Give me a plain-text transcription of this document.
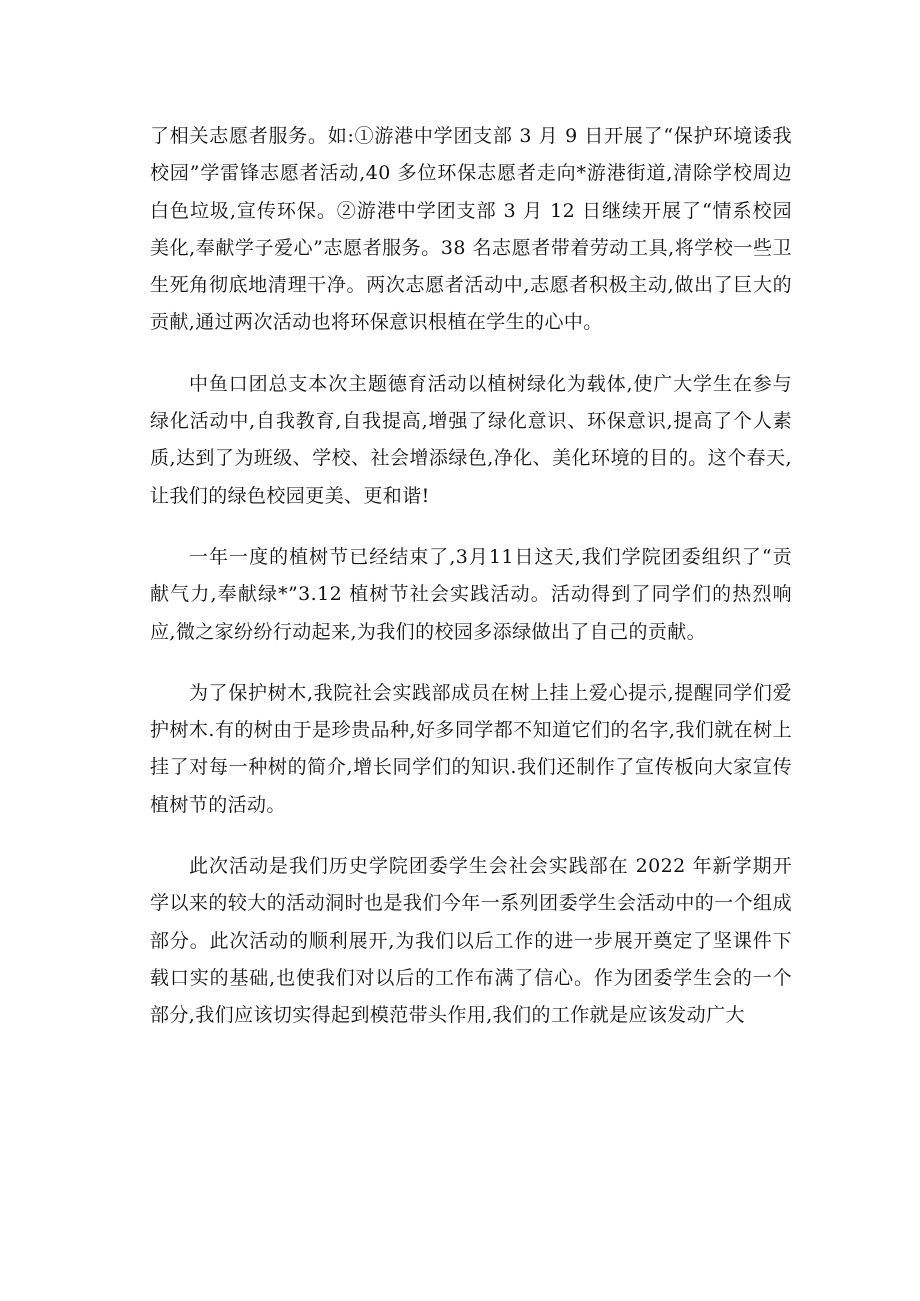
了相关志愿者服务。如:①游港中学团支部 3 月 9 日开展了“保护环境诿我校园”学雷锋志愿者活动,40 多位环保志愿者走向*游港街道,清除学校周边白色垃圾,宣传环保。②游港中学团支部 3 月 12 日继续开展了“情系校园美化,奉献学子爱心”志愿者服务。38 名志愿者带着劳动工具,将学校一些卫生死角彻底地清理干净。两次志愿者活动中,志愿者积极主动,做出了巨大的贡献,通过两次活动也将环保意识根植在学生的心中。

中鱼口团总支本次主题德育活动以植树绿化为载体,使广大学生在参与绿化活动中,自我教育,自我提高,增强了绿化意识、环保意识,提高了个人素质,达到了为班级、学校、社会增添绿色,净化、美化环境的目的。这个春天,让我们的绿色校园更美、更和谐!

一年一度的植树节已经结束了,3月11日这天,我们学院团委组织了“贡献气力,奉献绿*”3.12 植树节社会实践活动。活动得到了同学们的热烈响应,微之家纷纷行动起来,为我们的校园多添绿做出了自己的贡献。

为了保护树木,我院社会实践部成员在树上挂上爱心提示,提醒同学们爱护树木.有的树由于是珍贵品种,好多同学都不知道它们的名字,我们就在树上挂了对每一种树的简介,增长同学们的知识.我们还制作了宣传板向大家宣传植树节的活动。

此次活动是我们历史学院团委学生会社会实践部在 2022 年新学期开学以来的较大的活动洞时也是我们今年一系列团委学生会活动中的一个组成部分。此次活动的顺利展开,为我们以后工作的进一步展开奠定了坚课件下载口实的基础,也使我们对以后的工作布满了信心。作为团委学生会的一个部分,我们应该切实得起到模范带头作用,我们的工作就是应该发动广大
